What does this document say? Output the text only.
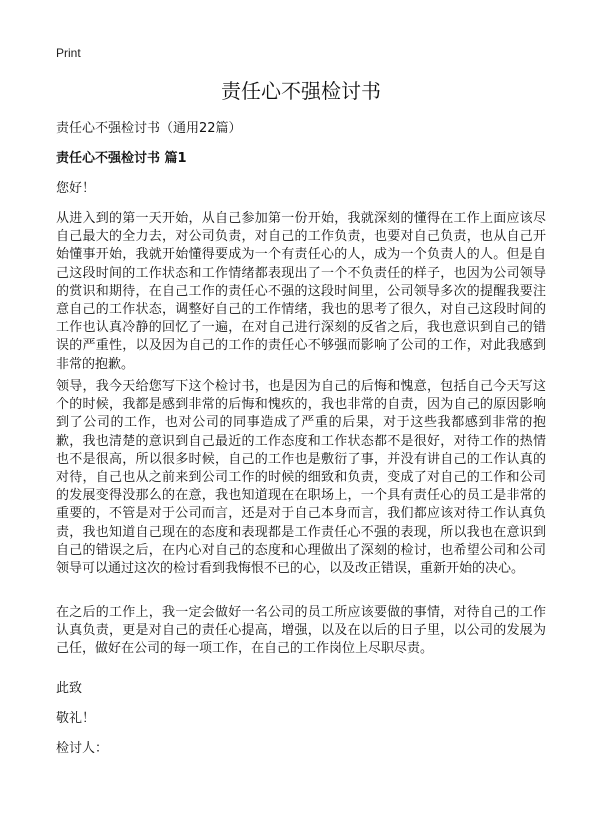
Print
责任心不强检讨书

责任心不强检讨书（通用22篇）

责任心不强检讨书 篇1

您好！

从进入到的第一天开始，从自己参加第一份开始，我就深刻的懂得在工作上面应该尽自己最大的全力去，对公司负责，对自己的工作负责，也要对自己负责，也从自己开始懂事开始，我就开始懂得要成为一个有责任心的人，成为一个负责人的人。但是自己这段时间的工作状态和工作情绪都表现出了一个不负责任的样子，也因为公司领导的赏识和期待，在自己工作的责任心不强的这段时间里，公司领导多次的提醒我要注意自己的工作状态，调整好自己的工作情绪，我也的思考了很久，对自己这段时间的工作也认真冷静的回忆了一遍，在对自己进行深刻的反省之后，我也意识到自己的错误的严重性，以及因为自己的工作的责任心不够强而影响了公司的工作，对此我感到非常的抱歉。

领导，我今天给您写下这个检讨书，也是因为自己的后悔和愧意，包括自己今天写这个的时候，我都是感到非常的后悔和愧疚的，我也非常的自责，因为自己的原因影响到了公司的工作，也对公司的同事造成了严重的后果，对于这些我都感到非常的抱歉，我也清楚的意识到自己最近的工作态度和工作状态都不是很好，对待工作的热情也不是很高，所以很多时候，自己的工作也是敷衍了事，并没有讲自己的工作认真的对待，自己也从之前来到公司工作的时候的细致和负责，变成了对自己的工作和公司的发展变得没那么的在意，我也知道现在在职场上，一个具有责任心的员工是非常的重要的，不管是对于公司而言，还是对于自己本身而言，我们都应该对待工作认真负责，我也知道自己现在的态度和表现都是工作责任心不强的表现，所以我也在意识到自己的错误之后，在内心对自己的态度和心理做出了深刻的检讨，也希望公司和公司领导可以通过这次的检讨看到我悔恨不已的心，以及改正错误，重新开始的决心。

在之后的工作上，我一定会做好一名公司的员工所应该要做的事情，对待自己的工作认真负责，更是对自己的责任心提高，增强，以及在以后的日子里，以公司的发展为己任，做好在公司的每一项工作，在自己的工作岗位上尽职尽责。

此致

敬礼！

检讨人：
